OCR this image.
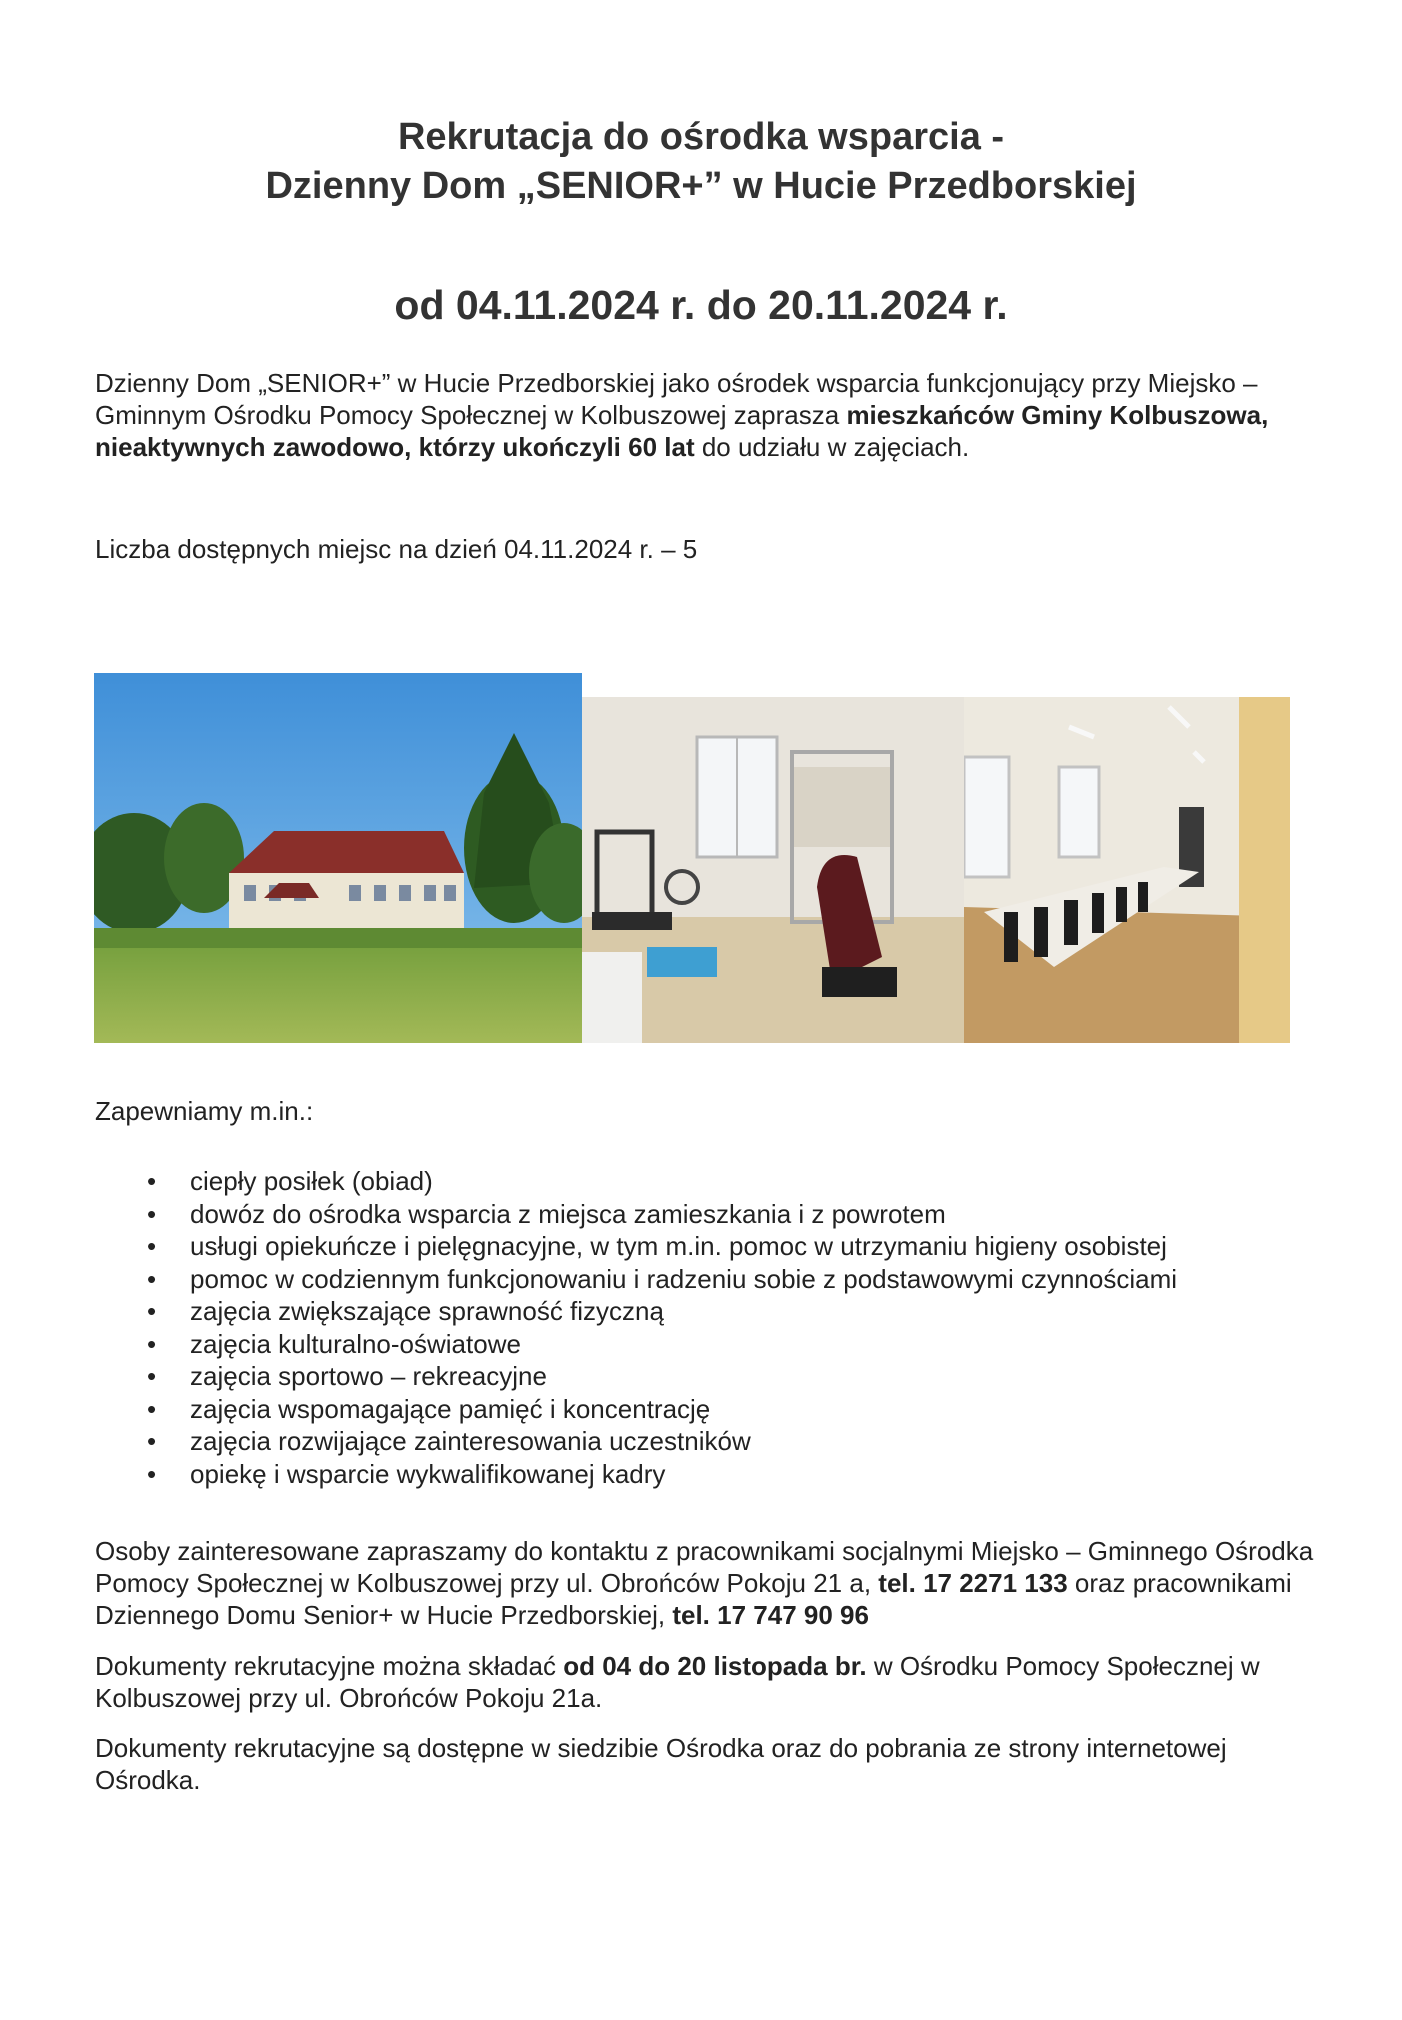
Rekrutacja do ośrodka wsparcia -
Dzienny Dom „SENIOR+” w Hucie Przedborskiej
od 04.11.2024 r. do 20.11.2024 r.
Dzienny Dom „SENIOR+” w Hucie Przedborskiej jako ośrodek wsparcia funkcjonujący przy Miejsko – Gminnym Ośrodku Pomocy Społecznej w Kolbuszowej zaprasza mieszkańców Gminy Kolbuszowa, nieaktywnych zawodowo, którzy ukończyli 60 lat do udziału w zajęciach.
Liczba dostępnych miejsc na dzień 04.11.2024 r. – 5
Zapewniamy m.in.:
• ciepły posiłek (obiad)
• dowóz do ośrodka wsparcia z miejsca zamieszkania i z powrotem
• usługi opiekuńcze i pielęgnacyjne, w tym m.in. pomoc w utrzymaniu higieny osobistej
• pomoc w codziennym funkcjonowaniu i radzeniu sobie z podstawowymi czynnościami
• zajęcia zwiększające sprawność fizyczną
• zajęcia kulturalno-oświatowe
• zajęcia sportowo – rekreacyjne
• zajęcia wspomagające pamięć i koncentrację
• zajęcia rozwijające zainteresowania uczestników
• opiekę i wsparcie wykwalifikowanej kadry
Osoby zainteresowane zapraszamy do kontaktu z pracownikami socjalnymi Miejsko – Gminnego Ośrodka Pomocy Społecznej w Kolbuszowej przy ul. Obrońców Pokoju 21 a, tel. 17 2271 133 oraz pracownikami Dziennego Domu Senior+ w Hucie Przedborskiej, tel. 17 747 90 96
Dokumenty rekrutacyjne można składać od 04 do 20 listopada br. w Ośrodku Pomocy Społecznej w Kolbuszowej przy ul. Obrońców Pokoju 21a.
Dokumenty rekrutacyjne są dostępne w siedzibie Ośrodka oraz do pobrania ze strony internetowej Ośrodka.
